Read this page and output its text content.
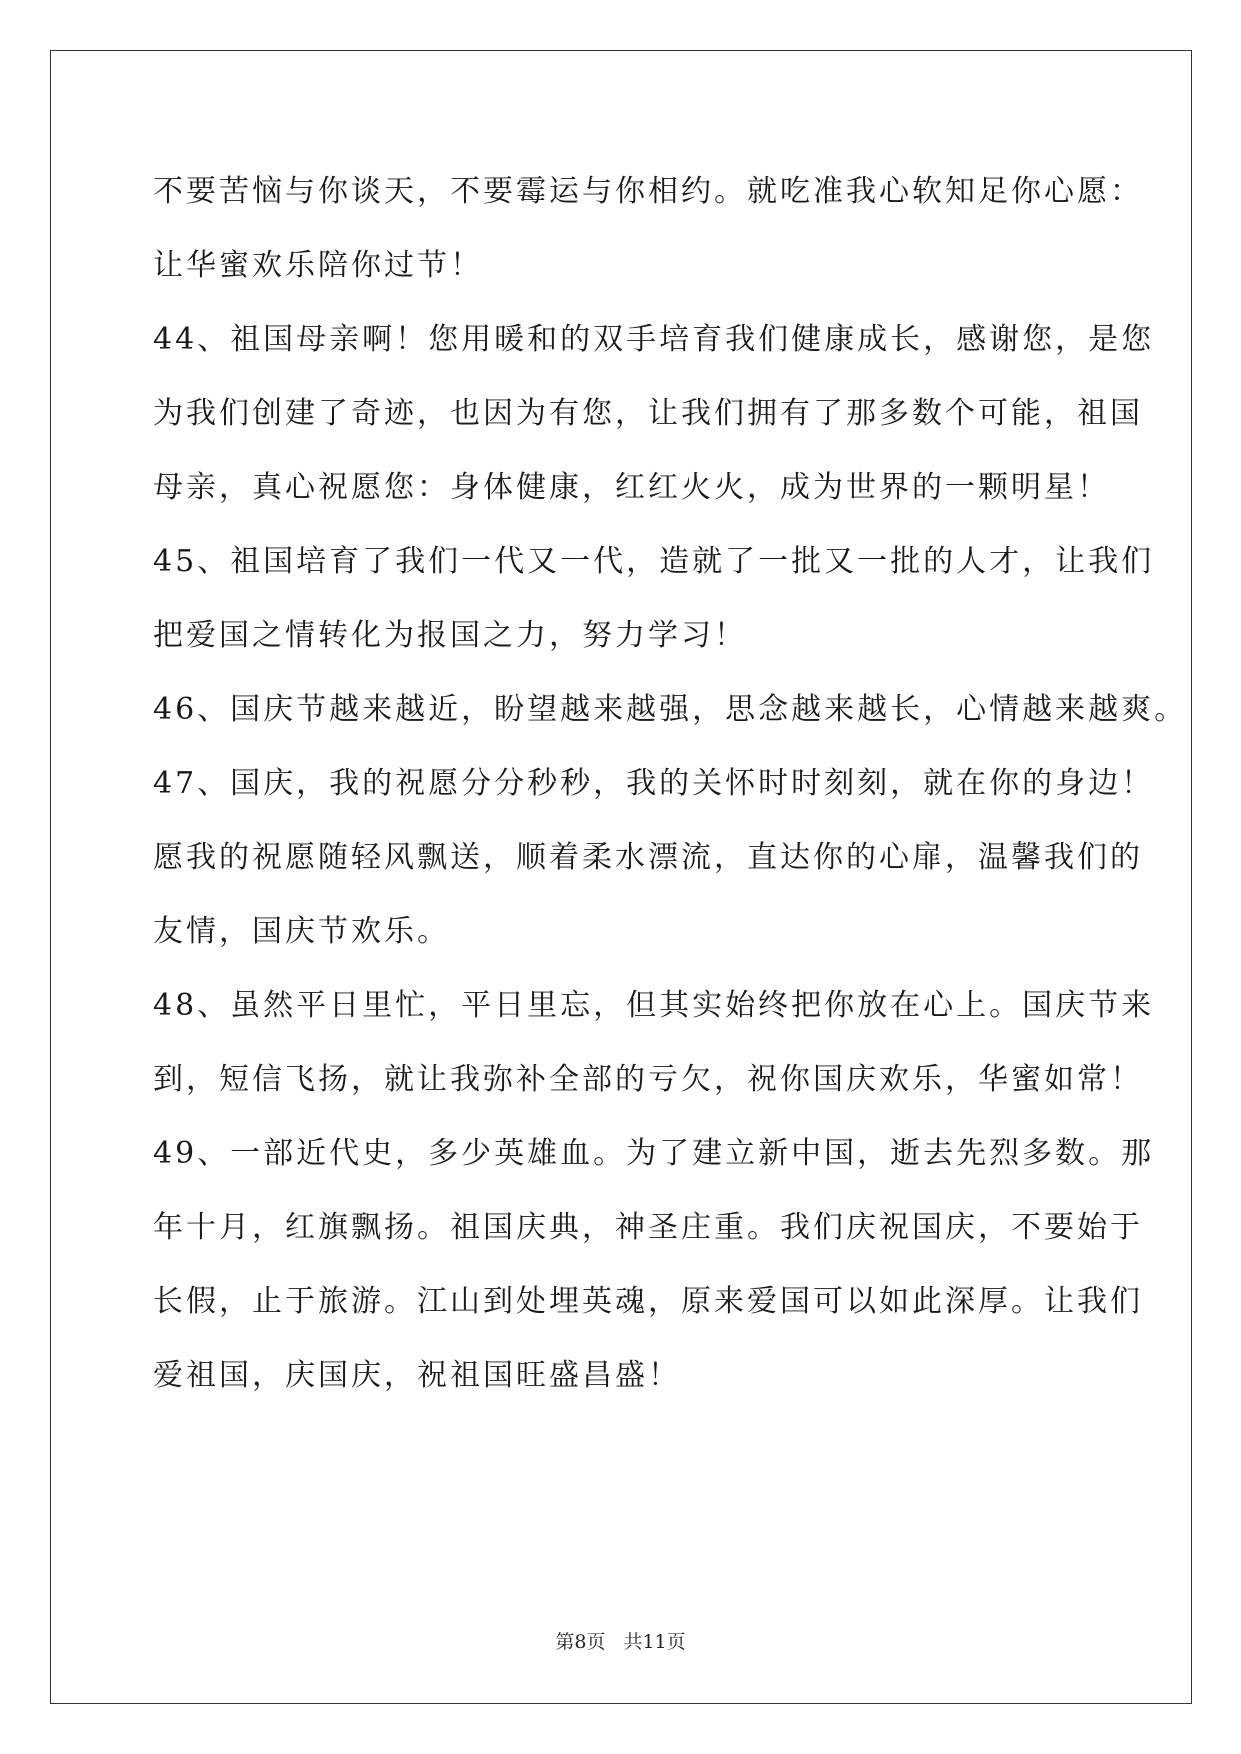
不要苦恼与你谈天，不要霉运与你相约。就吃准我心软知足你心愿：
让华蜜欢乐陪你过节！
44、祖国母亲啊！您用暖和的双手培育我们健康成长，感谢您，是您
为我们创建了奇迹，也因为有您，让我们拥有了那多数个可能，祖国
母亲，真心祝愿您：身体健康，红红火火，成为世界的一颗明星！
45、祖国培育了我们一代又一代，造就了一批又一批的人才，让我们
把爱国之情转化为报国之力，努力学习！
46、国庆节越来越近，盼望越来越强，思念越来越长，心情越来越爽。
47、国庆，我的祝愿分分秒秒，我的关怀时时刻刻，就在你的身边！
愿我的祝愿随轻风飘送，顺着柔水漂流，直达你的心扉，温馨我们的
友情，国庆节欢乐。
48、虽然平日里忙，平日里忘，但其实始终把你放在心上。国庆节来
到，短信飞扬，就让我弥补全部的亏欠，祝你国庆欢乐，华蜜如常！
49、一部近代史，多少英雄血。为了建立新中国，逝去先烈多数。那
年十月，红旗飘扬。祖国庆典，神圣庄重。我们庆祝国庆，不要始于
长假，止于旅游。江山到处埋英魂，原来爱国可以如此深厚。让我们
爱祖国，庆国庆，祝祖国旺盛昌盛！
第8页 共11页
